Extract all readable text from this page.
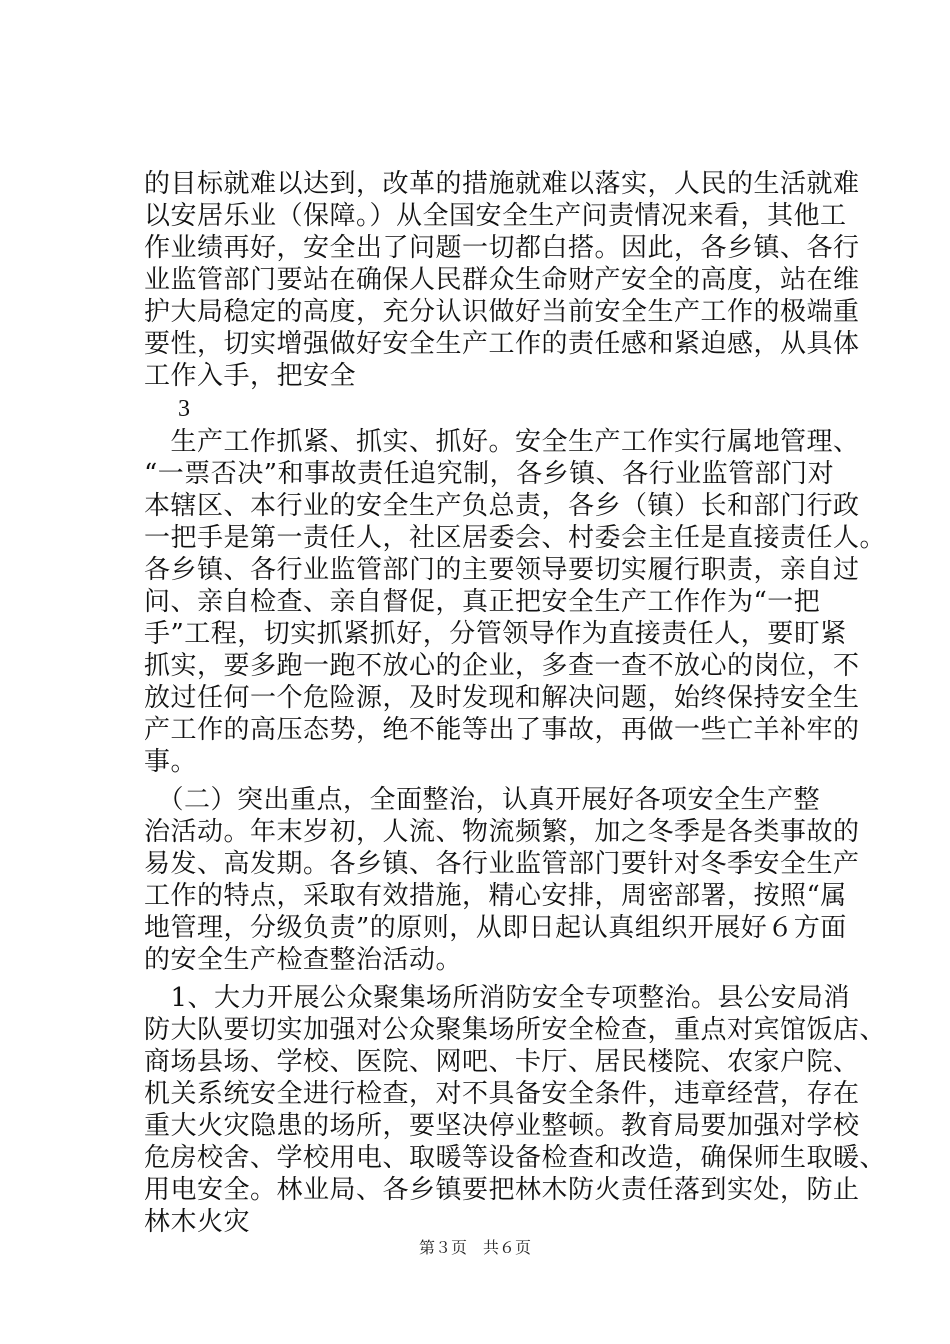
的目标就难以达到，改革的措施就难以落实，人民的生活就难
以安居乐业（保障。）从全国安全生产问责情况来看，其他工
作业绩再好，安全出了问题一切都白搭。因此，各乡镇、各行
业监管部门要站在确保人民群众生命财产安全的高度，站在维
护大局稳定的高度，充分认识做好当前安全生产工作的极端重
要性，切实增强做好安全生产工作的责任感和紧迫感，从具体
工作入手，把安全
3
　生产工作抓紧、抓实、抓好。安全生产工作实行属地管理、
“一票否决”和事故责任追究制，各乡镇、各行业监管部门对
本辖区、本行业的安全生产负总责，各乡（镇）长和部门行政
一把手是第一责任人，社区居委会、村委会主任是直接责任人。
各乡镇、各行业监管部门的主要领导要切实履行职责，亲自过
问、亲自检查、亲自督促，真正把安全生产工作作为“一把
手”工程，切实抓紧抓好，分管领导作为直接责任人，要盯紧
抓实，要多跑一跑不放心的企业，多查一查不放心的岗位，不
放过任何一个危险源，及时发现和解决问题，始终保持安全生
产工作的高压态势，绝不能等出了事故，再做一些亡羊补牢的
事。
　（二）突出重点，全面整治，认真开展好各项安全生产整
治活动。年末岁初，人流、物流频繁，加之冬季是各类事故的
易发、高发期。各乡镇、各行业监管部门要针对冬季安全生产
工作的特点，采取有效措施，精心安排，周密部署，按照“属
地管理，分级负责”的原则，从即日起认真组织开展好６方面
的安全生产检查整治活动。
　1、大力开展公众聚集场所消防安全专项整治。县公安局消
防大队要切实加强对公众聚集场所安全检查，重点对宾馆饭店、
商场县场、学校、医院、网吧、卡厅、居民楼院、农家户院、
机关系统安全进行检查，对不具备安全条件，违章经营，存在
重大火灾隐患的场所，要坚决停业整顿。教育局要加强对学校
危房校舍、学校用电、取暖等设备检查和改造，确保师生取暖、
用电安全。林业局、各乡镇要把林木防火责任落到实处，防止
林木火灾
第３页　共６页
